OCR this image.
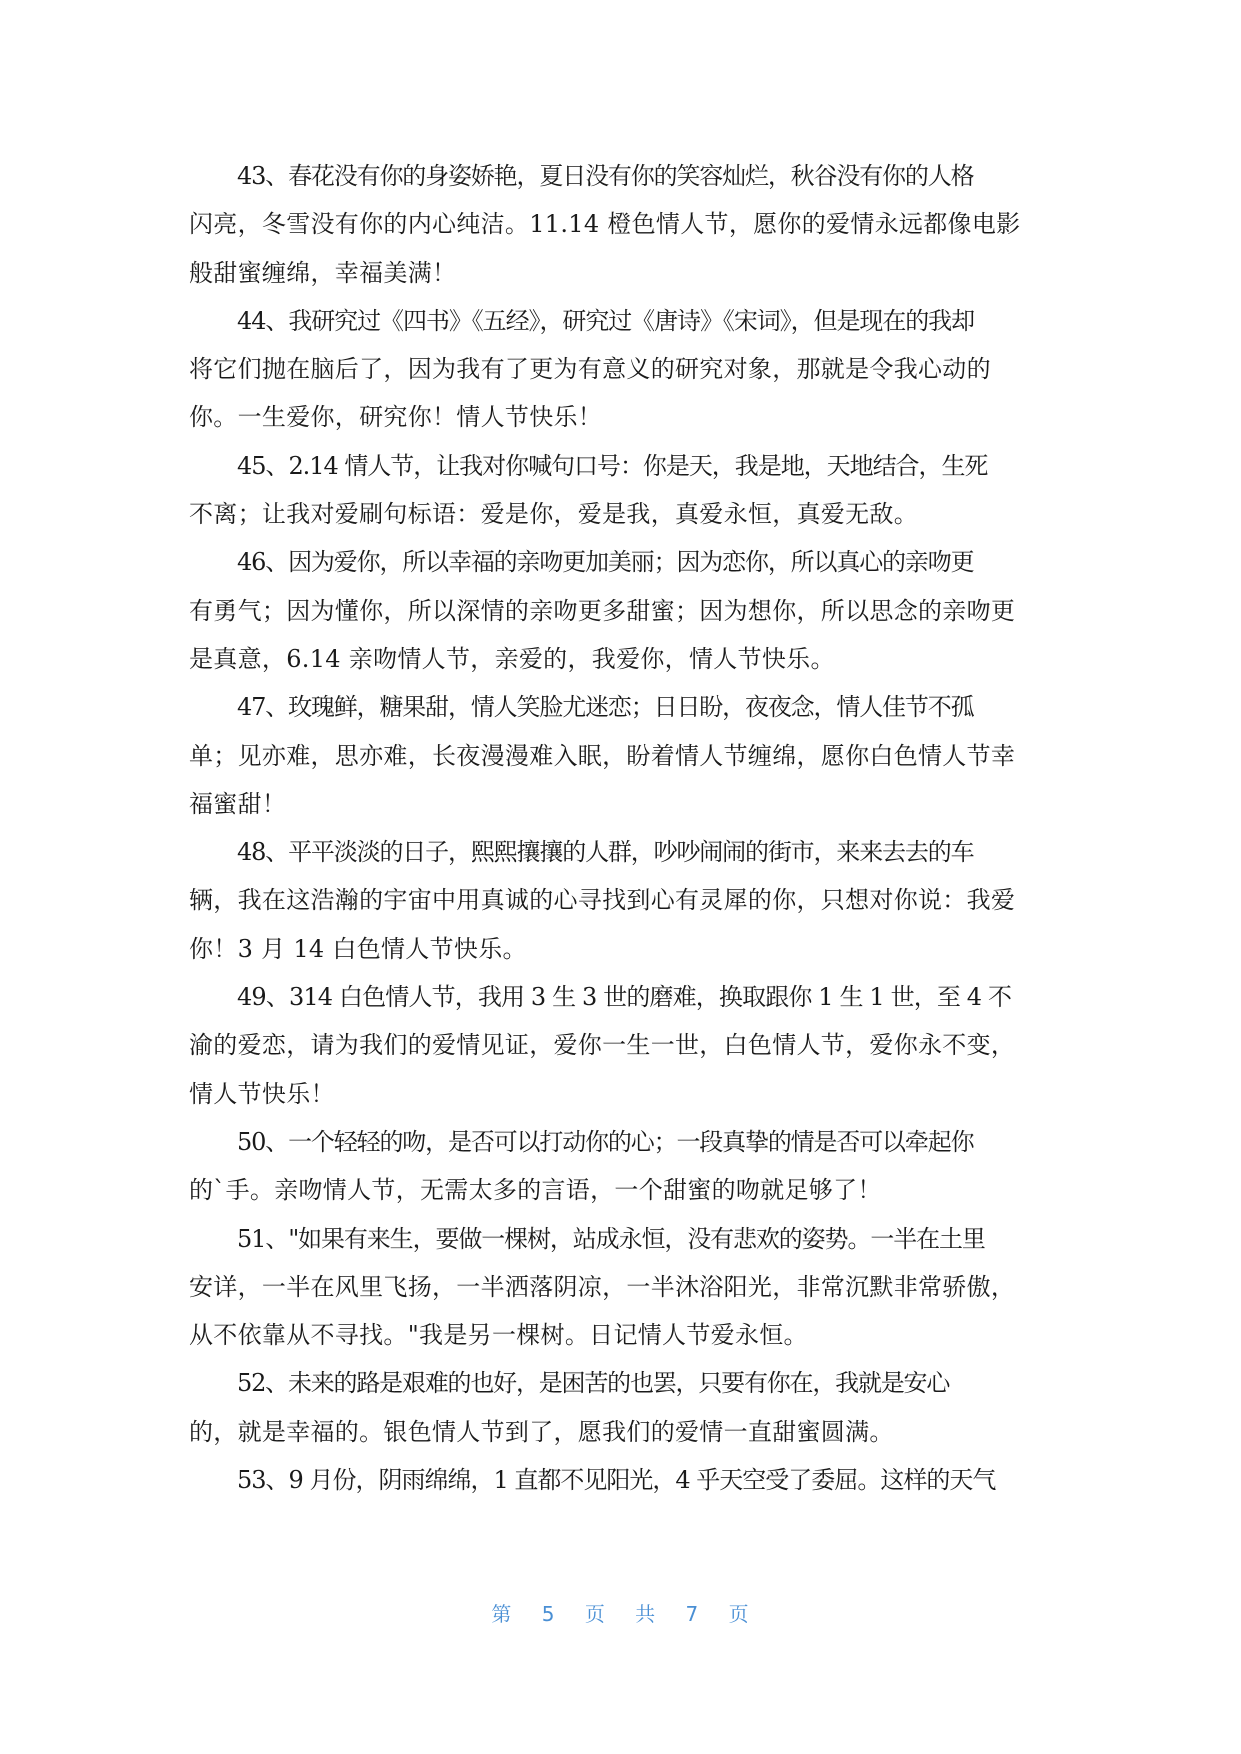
43、春花没有你的身姿娇艳，夏日没有你的笑容灿烂，秋谷没有你的人格
闪亮，冬雪没有你的内心纯洁。11.14 橙色情人节，愿你的爱情永远都像电影
般甜蜜缠绵，幸福美满！

44、我研究过《四书》《五经》，研究过《唐诗》《宋词》，但是现在的我却
将它们抛在脑后了，因为我有了更为有意义的研究对象，那就是令我心动的
你。一生爱你，研究你！情人节快乐！

45、2.14 情人节，让我对你喊句口号：你是天，我是地，天地结合，生死
不离；让我对爱刷句标语：爱是你，爱是我，真爱永恒，真爱无敌。

46、因为爱你，所以幸福的亲吻更加美丽；因为恋你，所以真心的亲吻更
有勇气；因为懂你，所以深情的亲吻更多甜蜜；因为想你，所以思念的亲吻更
是真意，6.14 亲吻情人节，亲爱的，我爱你，情人节快乐。

47、玫瑰鲜，糖果甜，情人笑脸尤迷恋；日日盼，夜夜念，情人佳节不孤
单；见亦难，思亦难，长夜漫漫难入眠，盼着情人节缠绵，愿你白色情人节幸
福蜜甜！

48、平平淡淡的日子，熙熙攘攘的人群，吵吵闹闹的街市，来来去去的车
辆，我在这浩瀚的宇宙中用真诚的心寻找到心有灵犀的你，只想对你说：我爱
你！3 月 14 白色情人节快乐。

49、314 白色情人节，我用 3 生 3 世的磨难，换取跟你 1 生 1 世，至 4 不
渝的爱恋，请为我们的爱情见证，爱你一生一世，白色情人节，爱你永不变，
情人节快乐！

50、一个轻轻的吻，是否可以打动你的心；一段真挚的情是否可以牵起你
的`手。亲吻情人节，无需太多的言语，一个甜蜜的吻就足够了！

51、"如果有来生，要做一棵树，站成永恒，没有悲欢的姿势。一半在土里
安详，一半在风里飞扬，一半洒落阴凉，一半沐浴阳光，非常沉默非常骄傲，
从不依靠从不寻找。"我是另一棵树。日记情人节爱永恒。

52、未来的路是艰难的也好，是困苦的也罢，只要有你在，我就是安心
的，就是幸福的。银色情人节到了，愿我们的爱情一直甜蜜圆满。

53、9 月份，阴雨绵绵，1 直都不见阳光，4 乎天空受了委屈。这样的天气

第 5 页 共 7 页
